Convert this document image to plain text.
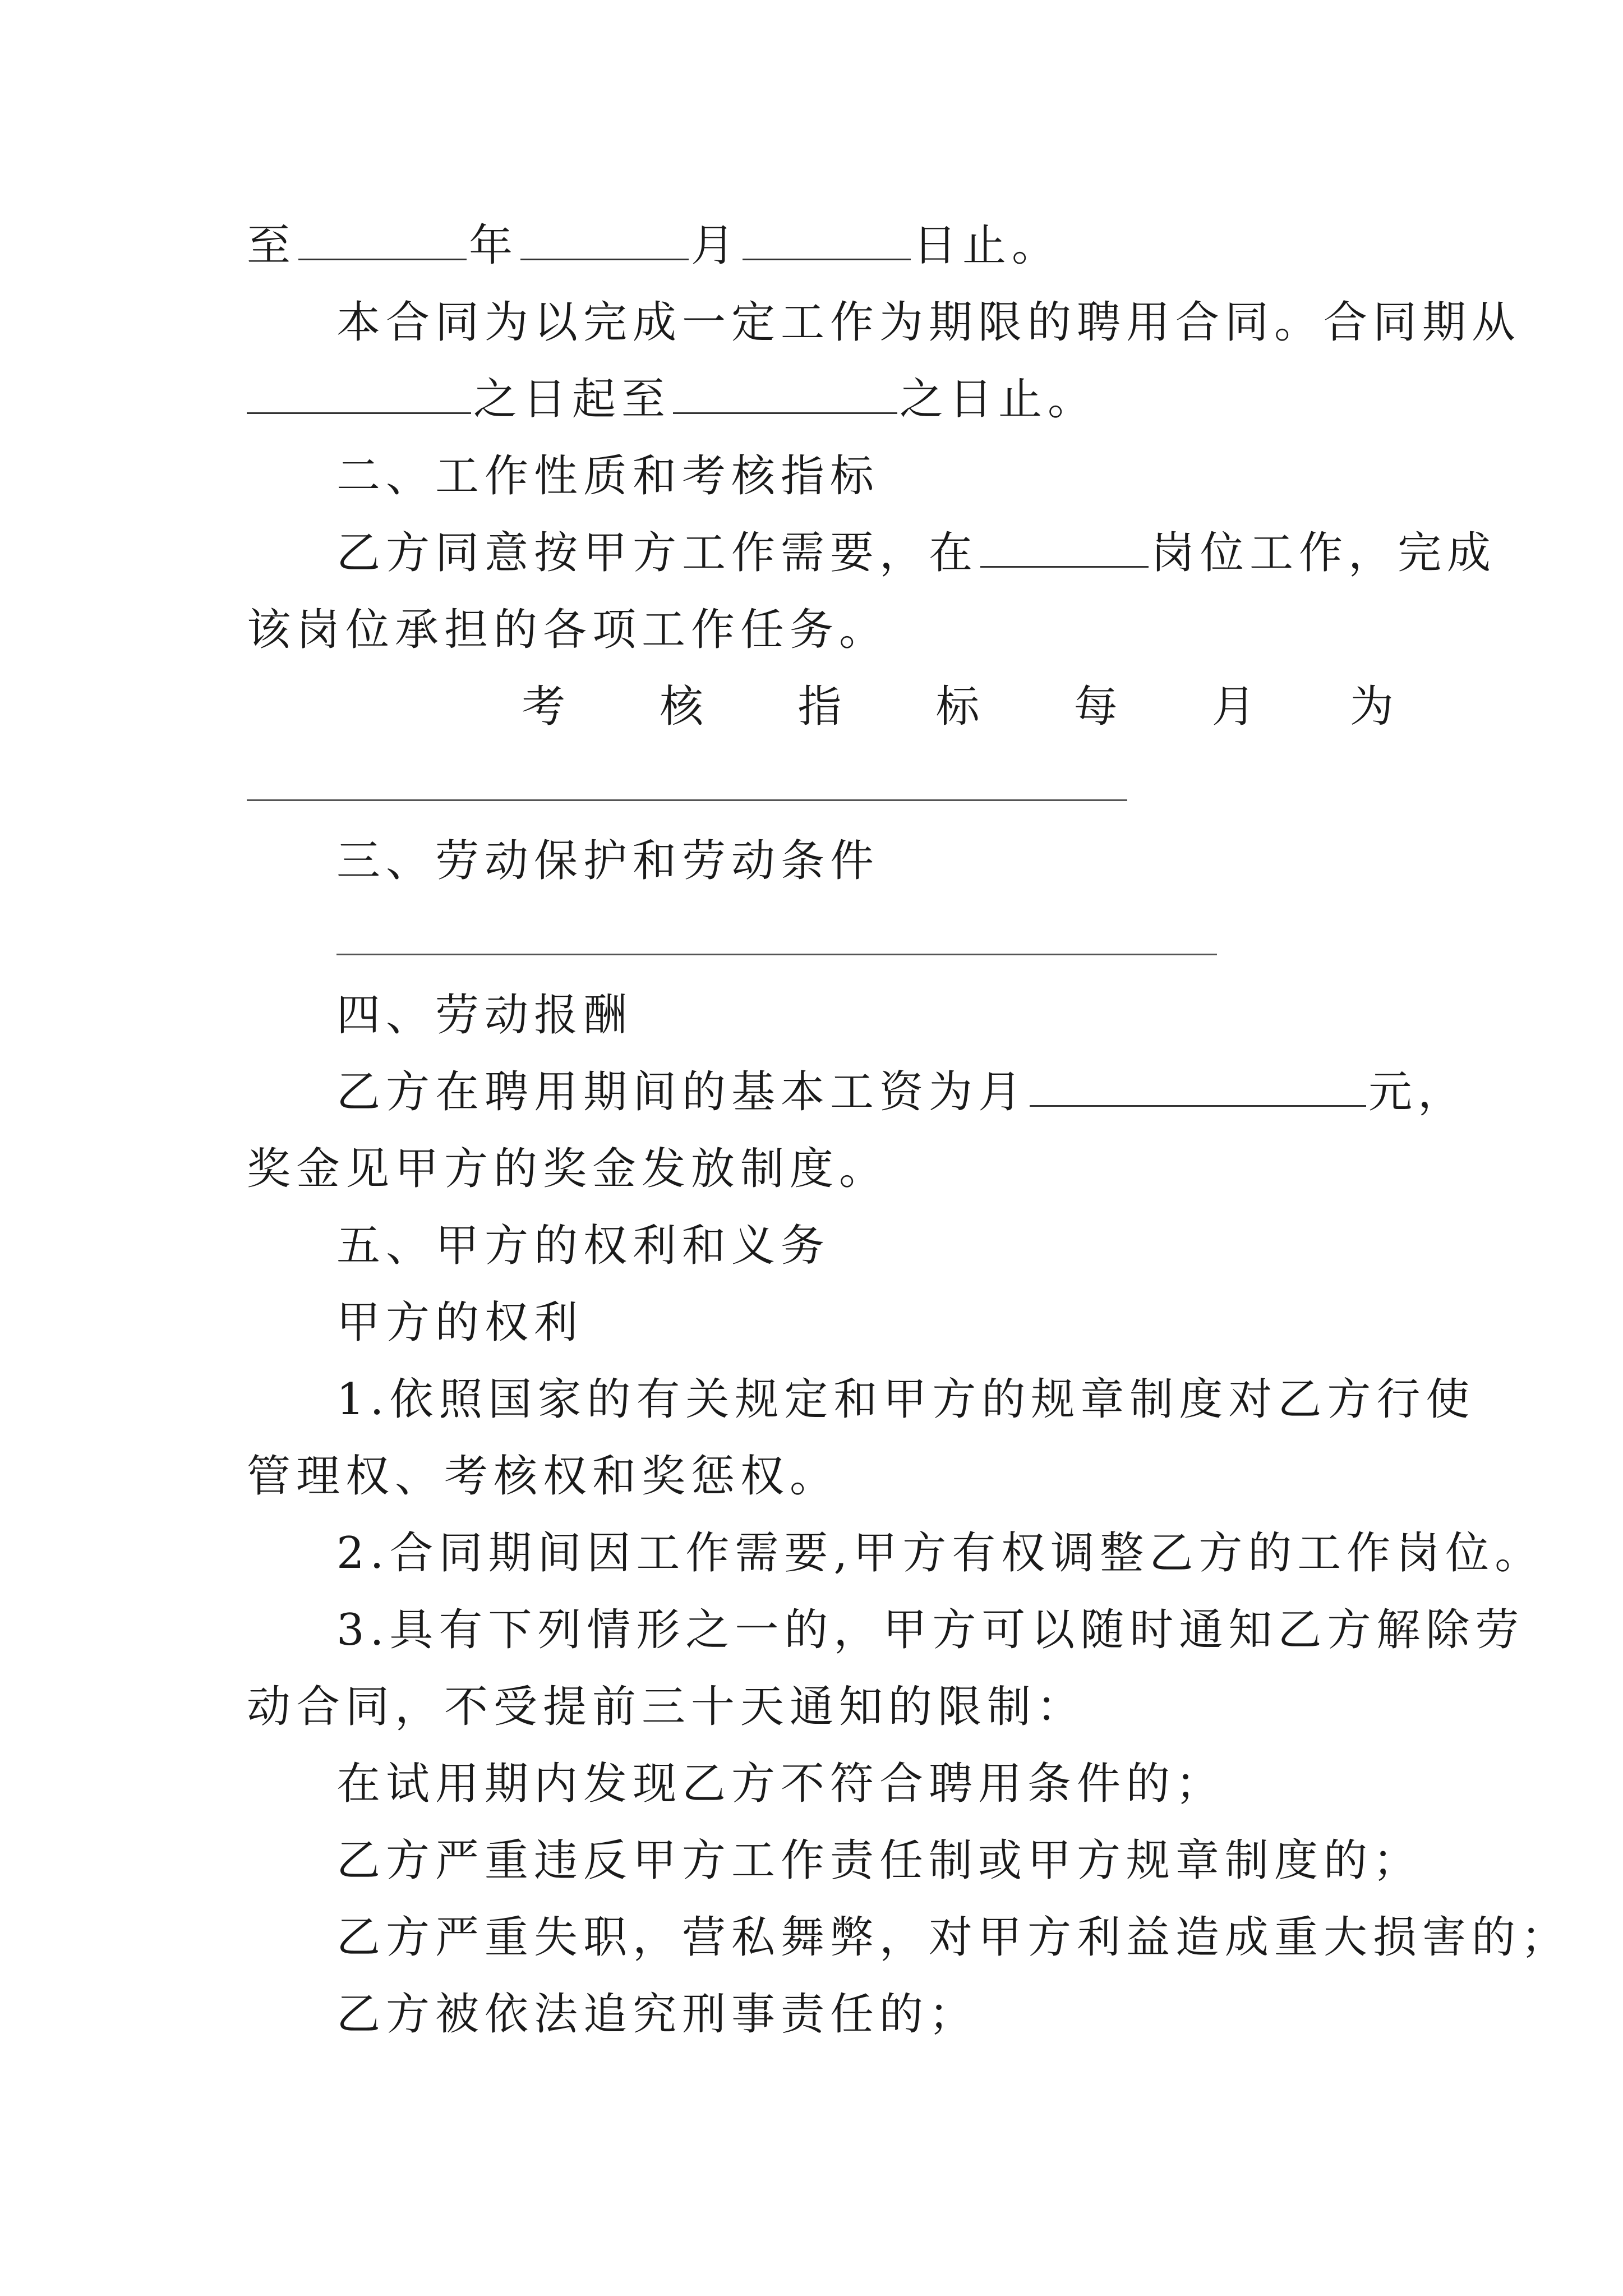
至	年	月	日止。
本合同为以完成一定工作为期限的聘用合同。合同期从
之日起至	之日止。
二、工作性质和考核指标
乙方同意按甲方工作需要，在	岗位工作，完成
该岗位承担的各项工作任务。
考 核 指 标 每 月 为
三、劳动保护和劳动条件
四、劳动报酬
乙方在聘用期间的基本工资为月	元，
奖金见甲方的奖金发放制度。
五、甲方的权利和义务
甲方的权利
1.依照国家的有关规定和甲方的规章制度对乙方行使
管理权、考核权和奖惩权。
2.合同期间因工作需要,甲方有权调整乙方的工作岗位。
3.具有下列情形之一的，甲方可以随时通知乙方解除劳
动合同，不受提前三十天通知的限制：
在试用期内发现乙方不符合聘用条件的；
乙方严重违反甲方工作责任制或甲方规章制度的；
乙方严重失职，营私舞弊，对甲方利益造成重大损害的；
乙方被依法追究刑事责任的；
